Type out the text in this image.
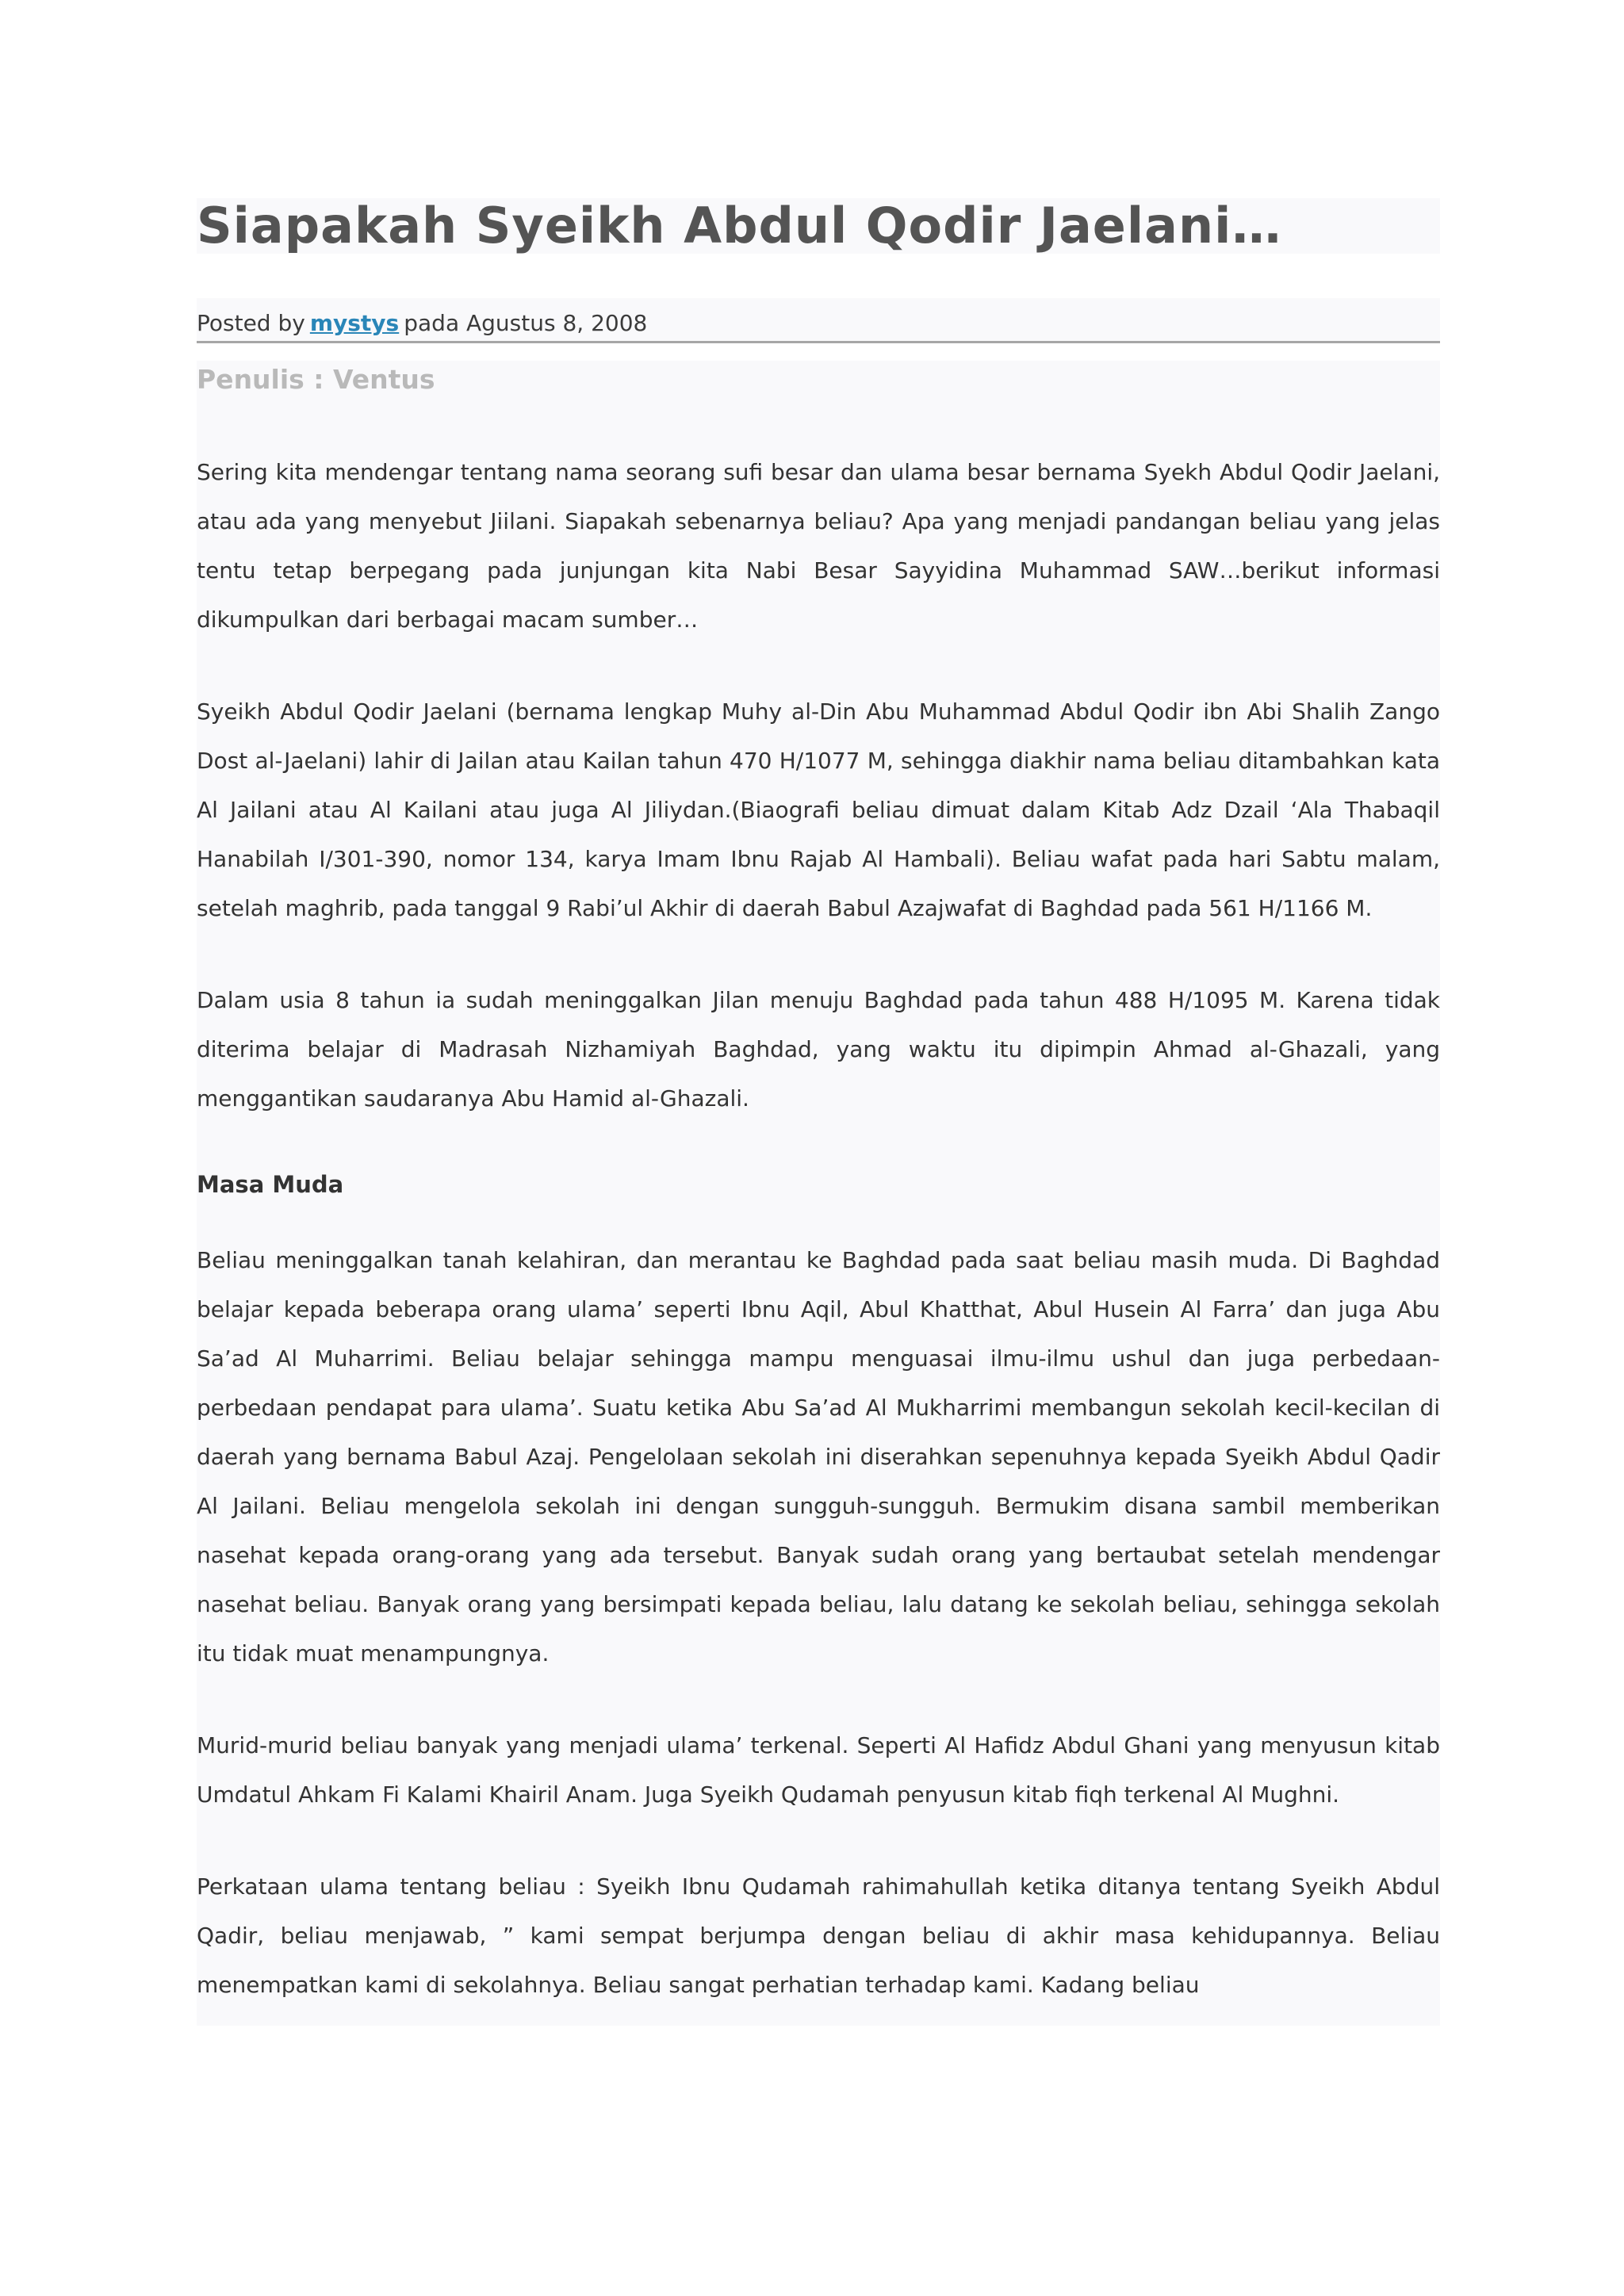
Siapakah Syeikh Abdul Qodir Jaelani…
Posted by mystys pada Agustus 8, 2008

Penulis : Ventus

Sering kita mendengar tentang nama seorang sufi besar dan ulama besar bernama Syekh Abdul Qodir Jaelani, atau ada yang menyebut Jiilani. Siapakah sebenarnya beliau? Apa yang menjadi pandangan beliau yang jelas tentu tetap berpegang pada junjungan kita Nabi Besar Sayyidina Muhammad SAW…berikut informasi dikumpulkan dari berbagai macam sumber…

Syeikh Abdul Qodir Jaelani (bernama lengkap Muhy al-Din Abu Muhammad Abdul Qodir ibn Abi Shalih Zango Dost al-Jaelani) lahir di Jailan atau Kailan tahun 470 H/1077 M, sehingga diakhir nama beliau ditambahkan kata Al Jailani atau Al Kailani atau juga Al Jiliydan.(Biaografi beliau dimuat dalam Kitab Adz Dzail ‘Ala Thabaqil Hanabilah I/301-390, nomor 134, karya Imam Ibnu Rajab Al Hambali). Beliau wafat pada hari Sabtu malam, setelah maghrib, pada tanggal 9 Rabi’ul Akhir di daerah Babul Azajwafat di Baghdad pada 561 H/1166 M.

Dalam usia 8 tahun ia sudah meninggalkan Jilan menuju Baghdad pada tahun 488 H/1095 M. Karena tidak diterima belajar di Madrasah Nizhamiyah Baghdad, yang waktu itu dipimpin Ahmad al-Ghazali, yang menggantikan saudaranya Abu Hamid al-Ghazali.

Masa Muda

Beliau meninggalkan tanah kelahiran, dan merantau ke Baghdad pada saat beliau masih muda. Di Baghdad belajar kepada beberapa orang ulama’ seperti Ibnu Aqil, Abul Khatthat, Abul Husein Al Farra’ dan juga Abu Sa’ad Al Muharrimi. Beliau belajar sehingga mampu menguasai ilmu-ilmu ushul dan juga perbedaan-perbedaan pendapat para ulama’. Suatu ketika Abu Sa’ad Al Mukharrimi membangun sekolah kecil-kecilan di daerah yang bernama Babul Azaj. Pengelolaan sekolah ini diserahkan sepenuhnya kepada Syeikh Abdul Qadir Al Jailani. Beliau mengelola sekolah ini dengan sungguh-sungguh. Bermukim disana sambil memberikan nasehat kepada orang-orang yang ada tersebut. Banyak sudah orang yang bertaubat setelah mendengar nasehat beliau. Banyak orang yang bersimpati kepada beliau, lalu datang ke sekolah beliau, sehingga sekolah itu tidak muat menampungnya.

Murid-murid beliau banyak yang menjadi ulama’ terkenal. Seperti Al Hafidz Abdul Ghani yang menyusun kitab Umdatul Ahkam Fi Kalami Khairil Anam. Juga Syeikh Qudamah penyusun kitab fiqh terkenal Al Mughni.

Perkataan ulama tentang beliau : Syeikh Ibnu Qudamah rahimahullah ketika ditanya tentang Syeikh Abdul Qadir, beliau menjawab, ” kami sempat berjumpa dengan beliau di akhir masa kehidupannya. Beliau menempatkan kami di sekolahnya. Beliau sangat perhatian terhadap kami. Kadang beliau
